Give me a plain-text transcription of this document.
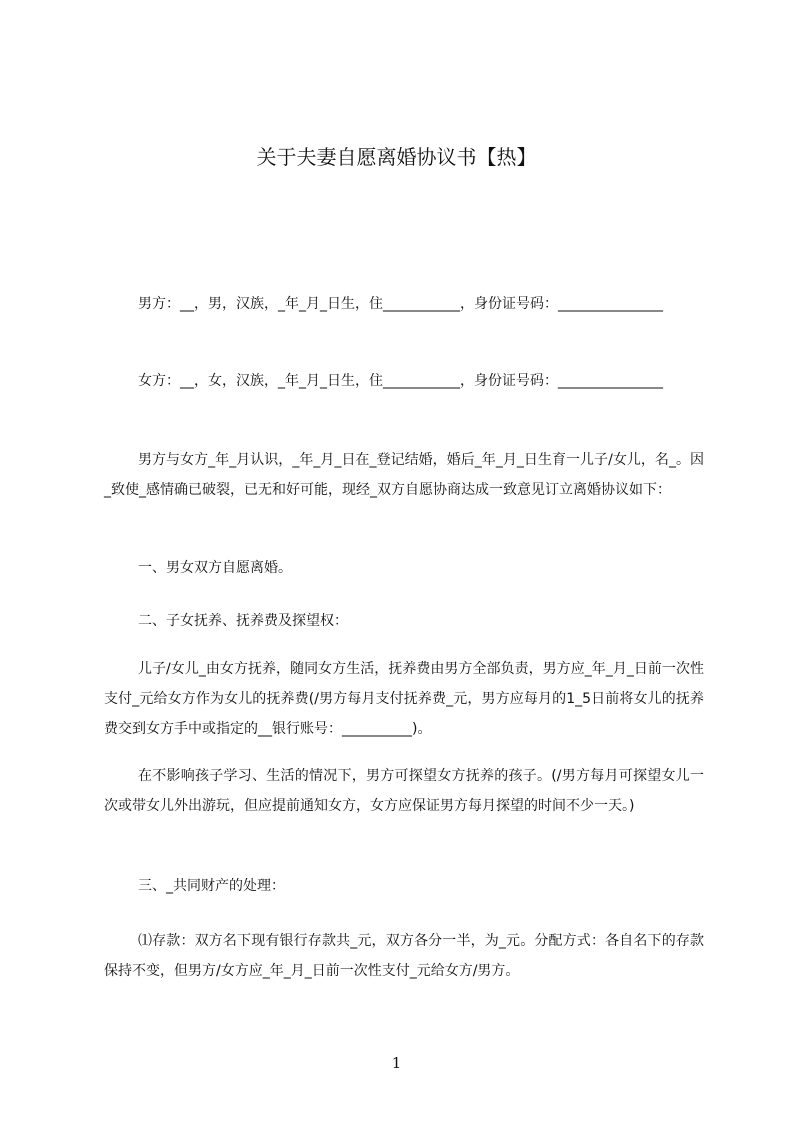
关于夫妻自愿离婚协议书【热】
男方：__，男，汉族，_年_月_日生，住___________，身份证号码：_______________
女方：__，女，汉族，_年_月_日生，住___________，身份证号码：_______________
男方与女方_年_月认识，_年_月_日在_登记结婚，婚后_年_月_日生育一儿子/女儿，名_。因_致使_感情确已破裂，已无和好可能，现经_双方自愿协商达成一致意见订立离婚协议如下：
一、男女双方自愿离婚。
二、子女抚养、抚养费及探望权：
儿子/女儿_由女方抚养，随同女方生活，抚养费由男方全部负责，男方应_年_月_日前一次性支付_元给女方作为女儿的抚养费(/男方每月支付抚养费_元，男方应每月的1_5日前将女儿的抚养费交到女方手中或指定的__银行账号：__________)。
在不影响孩子学习、生活的情况下，男方可探望女方抚养的孩子。(/男方每月可探望女儿一次或带女儿外出游玩，但应提前通知女方，女方应保证男方每月探望的时间不少一天。)
三、_共同财产的处理：
⑴存款：双方名下现有银行存款共_元，双方各分一半，为_元。分配方式：各自名下的存款保持不变，但男方/女方应_年_月_日前一次性支付_元给女方/男方。
1
